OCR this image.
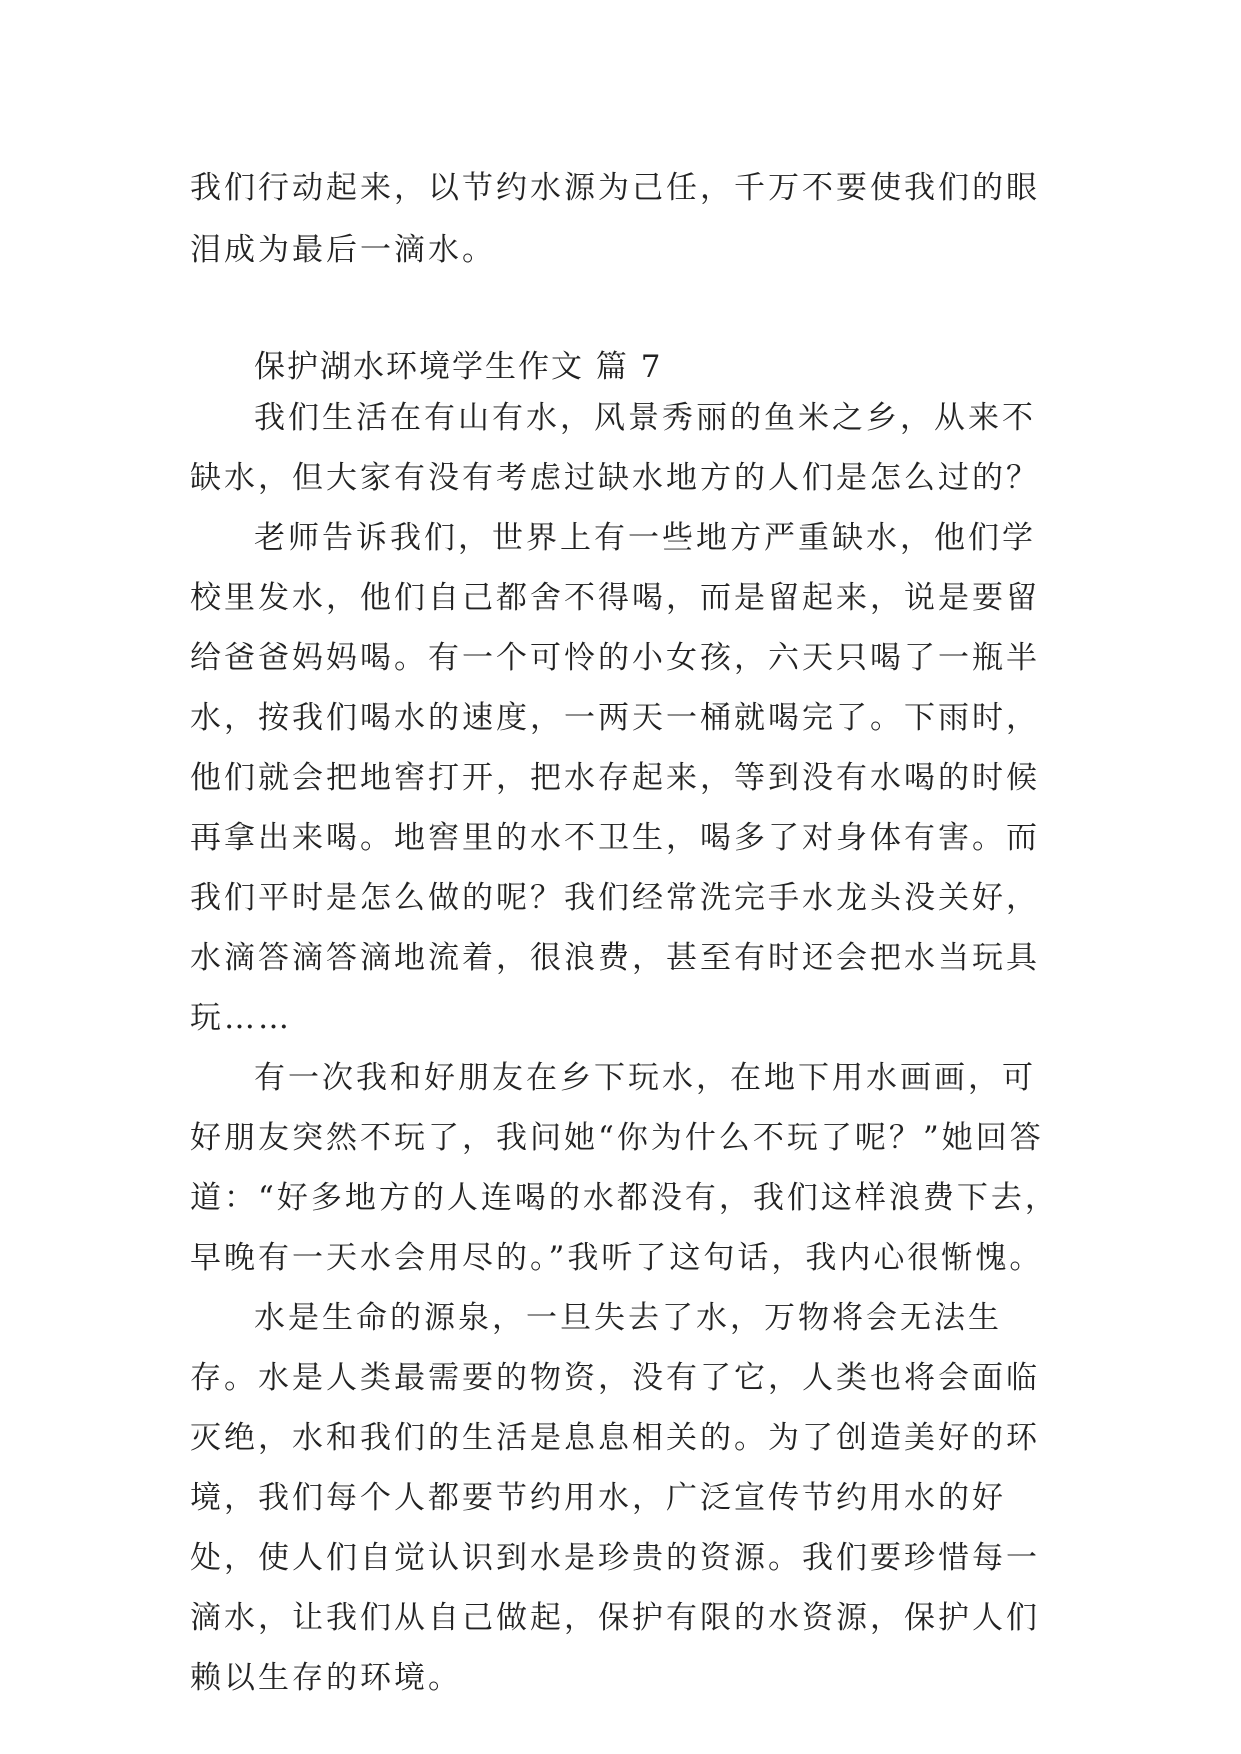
我们行动起来，以节约水源为己任，千万不要使我们的眼泪成为最后一滴水。

保护湖水环境学生作文 篇 7

我们生活在有山有水，风景秀丽的鱼米之乡，从来不缺水，但大家有没有考虑过缺水地方的人们是怎么过的？

老师告诉我们，世界上有一些地方严重缺水，他们学校里发水，他们自己都舍不得喝，而是留起来，说是要留给爸爸妈妈喝。有一个可怜的小女孩，六天只喝了一瓶半水，按我们喝水的速度，一两天一桶就喝完了。下雨时，他们就会把地窖打开，把水存起来，等到没有水喝的时候再拿出来喝。地窖里的水不卫生，喝多了对身体有害。而我们平时是怎么做的呢？我们经常洗完手水龙头没关好，水滴答滴答滴地流着，很浪费，甚至有时还会把水当玩具玩……

有一次我和好朋友在乡下玩水，在地下用水画画，可好朋友突然不玩了，我问她“你为什么不玩了呢？”她回答道：“好多地方的人连喝的水都没有，我们这样浪费下去，早晚有一天水会用尽的。”我听了这句话，我内心很惭愧。

水是生命的源泉，一旦失去了水，万物将会无法生存。水是人类最需要的物资，没有了它，人类也将会面临灭绝，水和我们的生活是息息相关的。为了创造美好的环境，我们每个人都要节约用水，广泛宣传节约用水的好处，使人们自觉认识到水是珍贵的资源。我们要珍惜每一滴水，让我们从自己做起，保护有限的水资源，保护人们赖以生存的环境。
